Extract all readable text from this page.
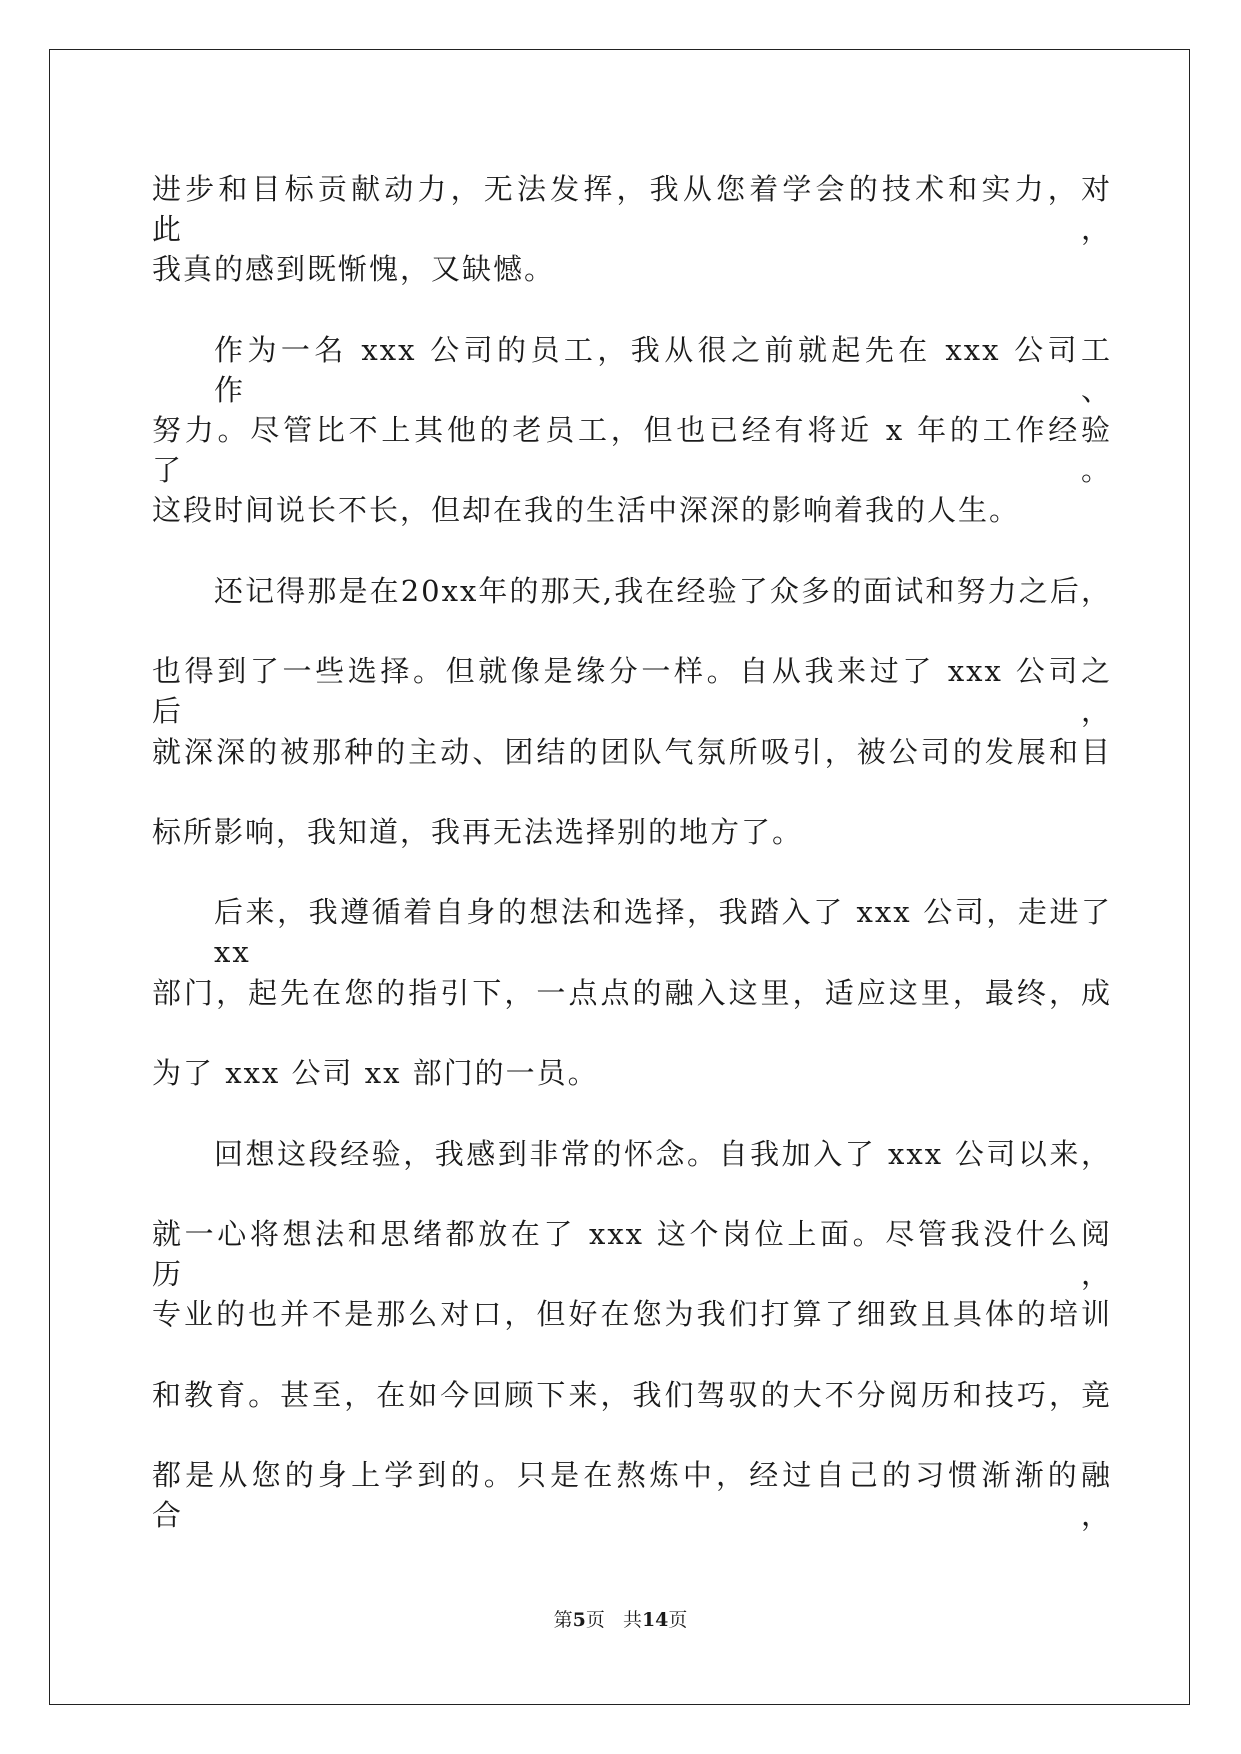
进步和目标贡献动力，无法发挥，我从您着学会的技术和实力，对此，
我真的感到既惭愧，又缺憾。
作为一名 xxx 公司的员工，我从很之前就起先在 xxx 公司工作、
努力。尽管比不上其他的老员工，但也已经有将近 x 年的工作经验了。
这段时间说长不长，但却在我的生活中深深的影响着我的人生。
还记得那是在20xx年的那天,我在经验了众多的面试和努力之后，
也得到了一些选择。但就像是缘分一样。自从我来过了 xxx 公司之后，
就深深的被那种的主动、团结的团队气氛所吸引，被公司的发展和目
标所影响，我知道，我再无法选择别的地方了。
后来，我遵循着自身的想法和选择，我踏入了 xxx 公司，走进了 xx
部门，起先在您的指引下，一点点的融入这里，适应这里，最终，成
为了 xxx 公司 xx 部门的一员。
回想这段经验，我感到非常的怀念。自我加入了 xxx 公司以来，
就一心将想法和思绪都放在了 xxx 这个岗位上面。尽管我没什么阅历，
专业的也并不是那么对口，但好在您为我们打算了细致且具体的培训
和教育。甚至，在如今回顾下来，我们驾驭的大不分阅历和技巧，竟
都是从您的身上学到的。只是在熬炼中，经过自己的习惯渐渐的融合，
第5页   共14页
